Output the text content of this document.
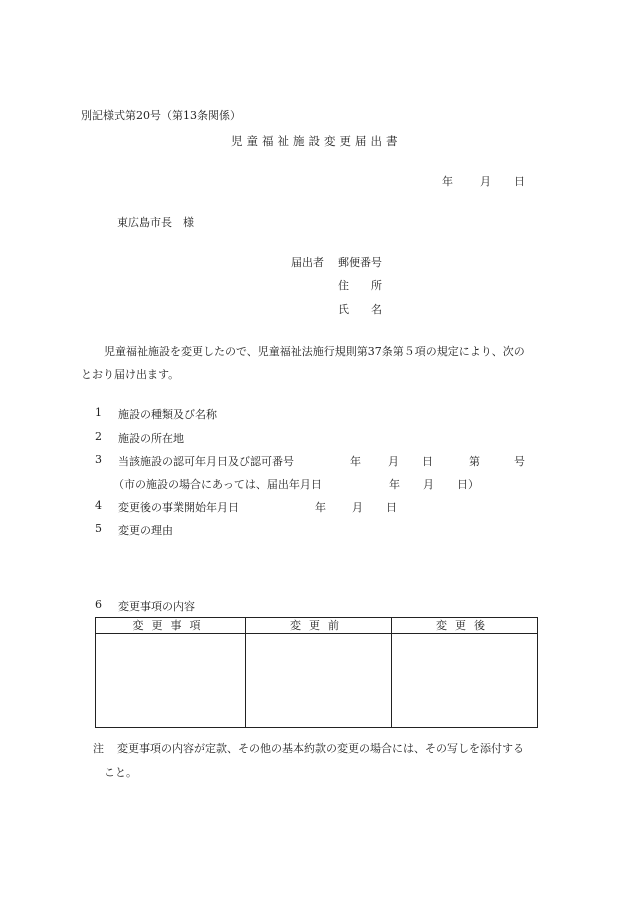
別記様式第20号（第13条関係）
児童福祉施設変更届出書
年 月 日
東広島市長　様
届出者 郵便番号
住　　所
氏　　名
児童福祉施設を変更したので、児童福祉法施行規則第37条第５項の規定により、次の
とおり届け出ます。
1 施設の種類及び名称
2 施設の所在地
3 当該施設の認可年月日及び認可番号	年 月 日	第	号
（市の施設の場合にあっては、届出年月日	年 月 日）
4 変更後の事業開始年月日	年 月 日
5 変更の理由
6 変更事項の内容
変更事項	変更前	変更後

注 変更事項の内容が定款、その他の基本約款の変更の場合には、その写しを添付する
こと。
